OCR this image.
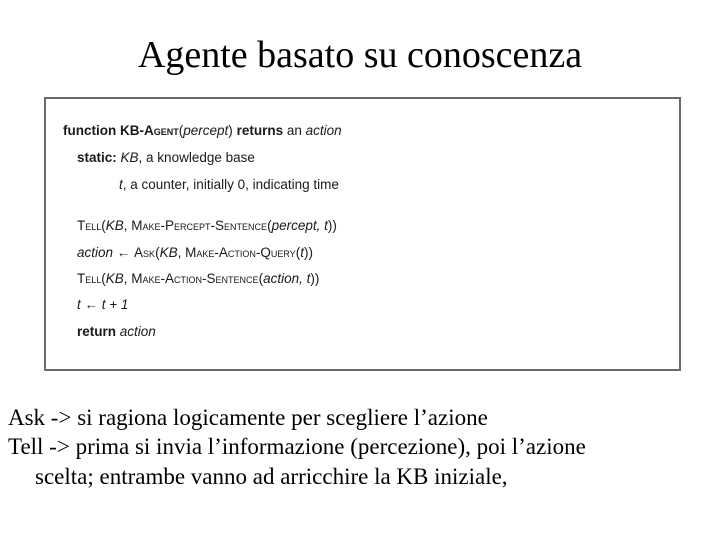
Agente basato su conoscenza
function KB-Agent(percept) returns an action
static: KB, a knowledge base
t, a counter, initially 0, indicating time
Tell(KB, Make-Percept-Sentence(percept, t))
action ← Ask(KB, Make-Action-Query(t))
Tell(KB, Make-Action-Sentence(action, t))
t ← t + 1
return action
Ask -> si ragiona logicamente per scegliere l’azione
Tell -> prima si invia l’informazione (percezione), poi l’azione
scelta; entrambe vanno ad arricchire la KB iniziale,
